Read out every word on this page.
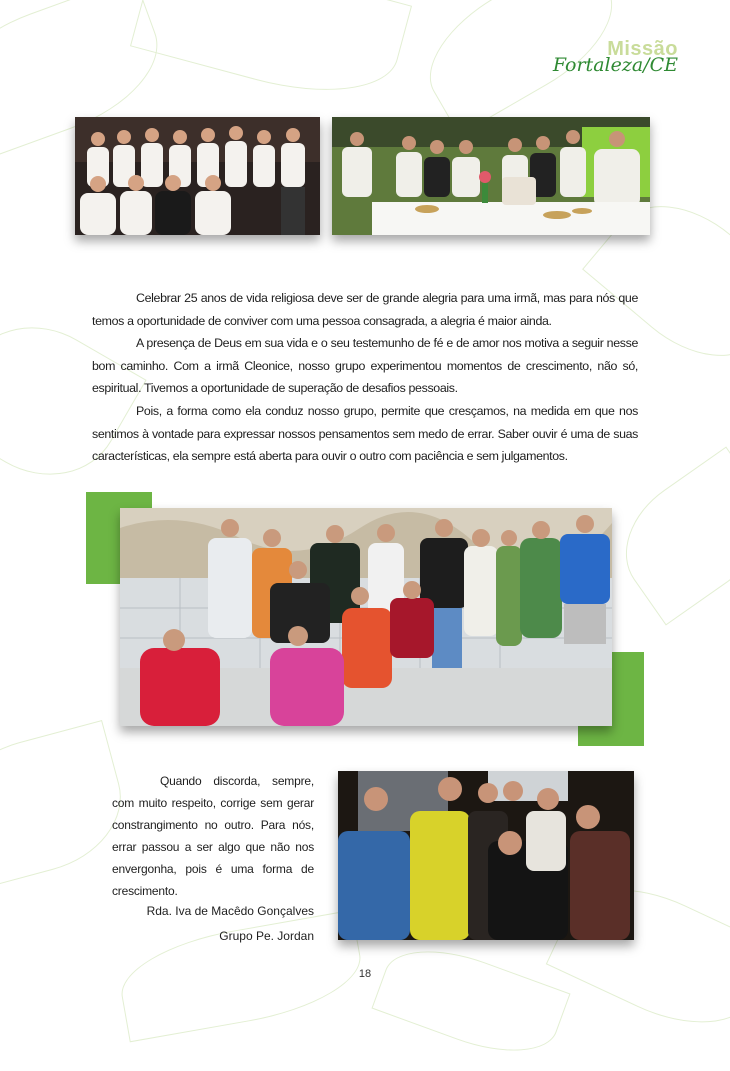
Missão
Fortaleza/CE

Celebrar 25 anos de vida religiosa deve ser de grande alegria para uma irmã, mas para nós que temos a oportunidade de conviver com uma pessoa consagrada, a alegria é maior ainda.

A presença de Deus em sua vida e o seu testemunho de fé e de amor nos motiva a seguir nesse bom caminho. Com a irmã Cleonice, nosso grupo experimentou momentos de crescimento, não só, espiritual. Tivemos a oportunidade de superação de desafios pessoais.

Pois, a forma como ela conduz nosso grupo, permite que cresçamos, na medida em que nos sentimos à vontade para expressar nossos pensamentos sem medo de errar. Saber ouvir é uma de suas características, ela sempre está aberta para ouvir o outro com paciência e sem julgamentos.

Quando discorda, sempre, com muito respeito, corrige sem gerar constrangimento no outro. Para nós, errar passou a ser algo que não nos envergonha, pois é uma forma de crescimento.

Rda. Iva de Macêdo Gonçalves
Grupo Pe. Jordan
18
